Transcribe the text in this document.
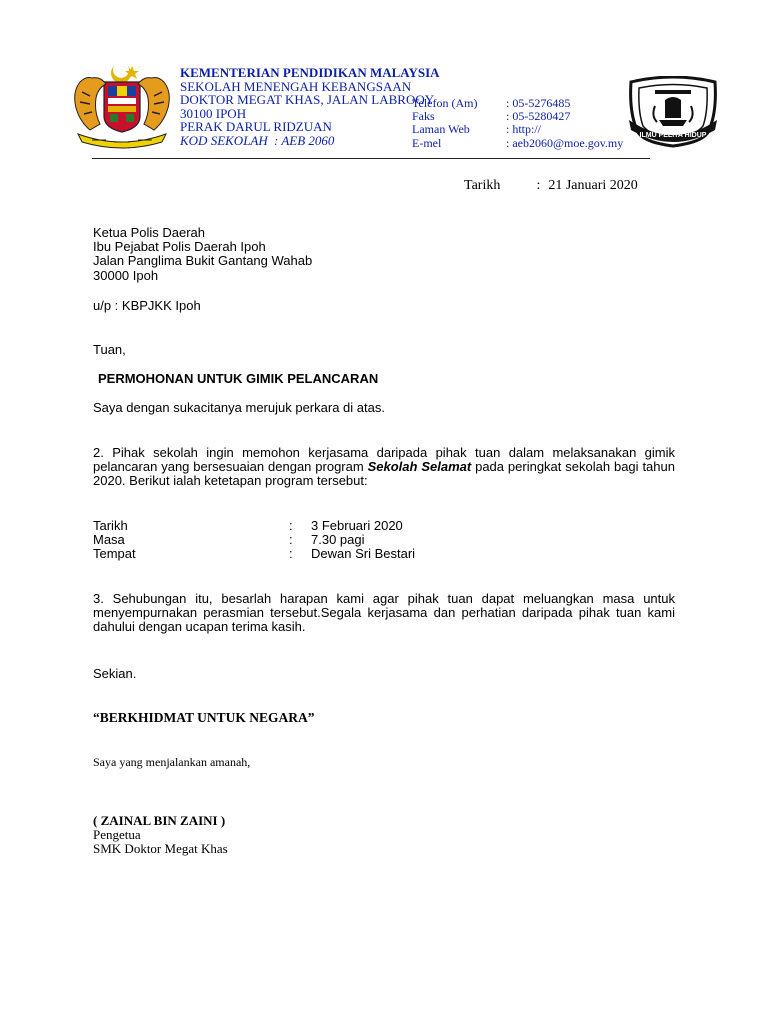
KEMENTERIAN PENDIDIKAN MALAYSIA
SEKOLAH MENENGAH KEBANGSAAN
DOKTOR MEGAT KHAS, JALAN LABROOY
30100 IPOH
PERAK DARUL RIDZUAN
KOD SEKOLAH : AEB 2060
Telefon (Am)	: 05-5276485
Faks	: 05-5280427
Laman Web	: http://
E-mel	: aeb2060@moe.gov.my
ILMU PELITA HIDUP
Tarikh	: 21 Januari 2020
Ketua Polis Daerah
Ibu Pejabat Polis Daerah Ipoh
Jalan Panglima Bukit Gantang Wahab
30000 Ipoh
u/p : KBPJKK Ipoh
Tuan,
PERMOHONAN UNTUK GIMIK PELANCARAN
Saya dengan sukacitanya merujuk perkara di atas.
2. Pihak sekolah ingin memohon kerjasama daripada pihak tuan dalam melaksanakan gimik pelancaran yang bersesuaian dengan program Sekolah Selamat pada peringkat sekolah bagi tahun 2020. Berikut ialah ketetapan program tersebut:
Tarikh	:	3 Februari 2020
Masa	:	7.30 pagi
Tempat	:	Dewan Sri Bestari
3. Sehubungan itu, besarlah harapan kami agar pihak tuan dapat meluangkan masa untuk menyempurnakan perasmian tersebut.Segala kerjasama dan perhatian daripada pihak tuan kami dahului dengan ucapan terima kasih.
Sekian.
“BERKHIDMAT UNTUK NEGARA”
Saya yang menjalankan amanah,
( ZAINAL BIN ZAINI )
Pengetua
SMK Doktor Megat Khas
